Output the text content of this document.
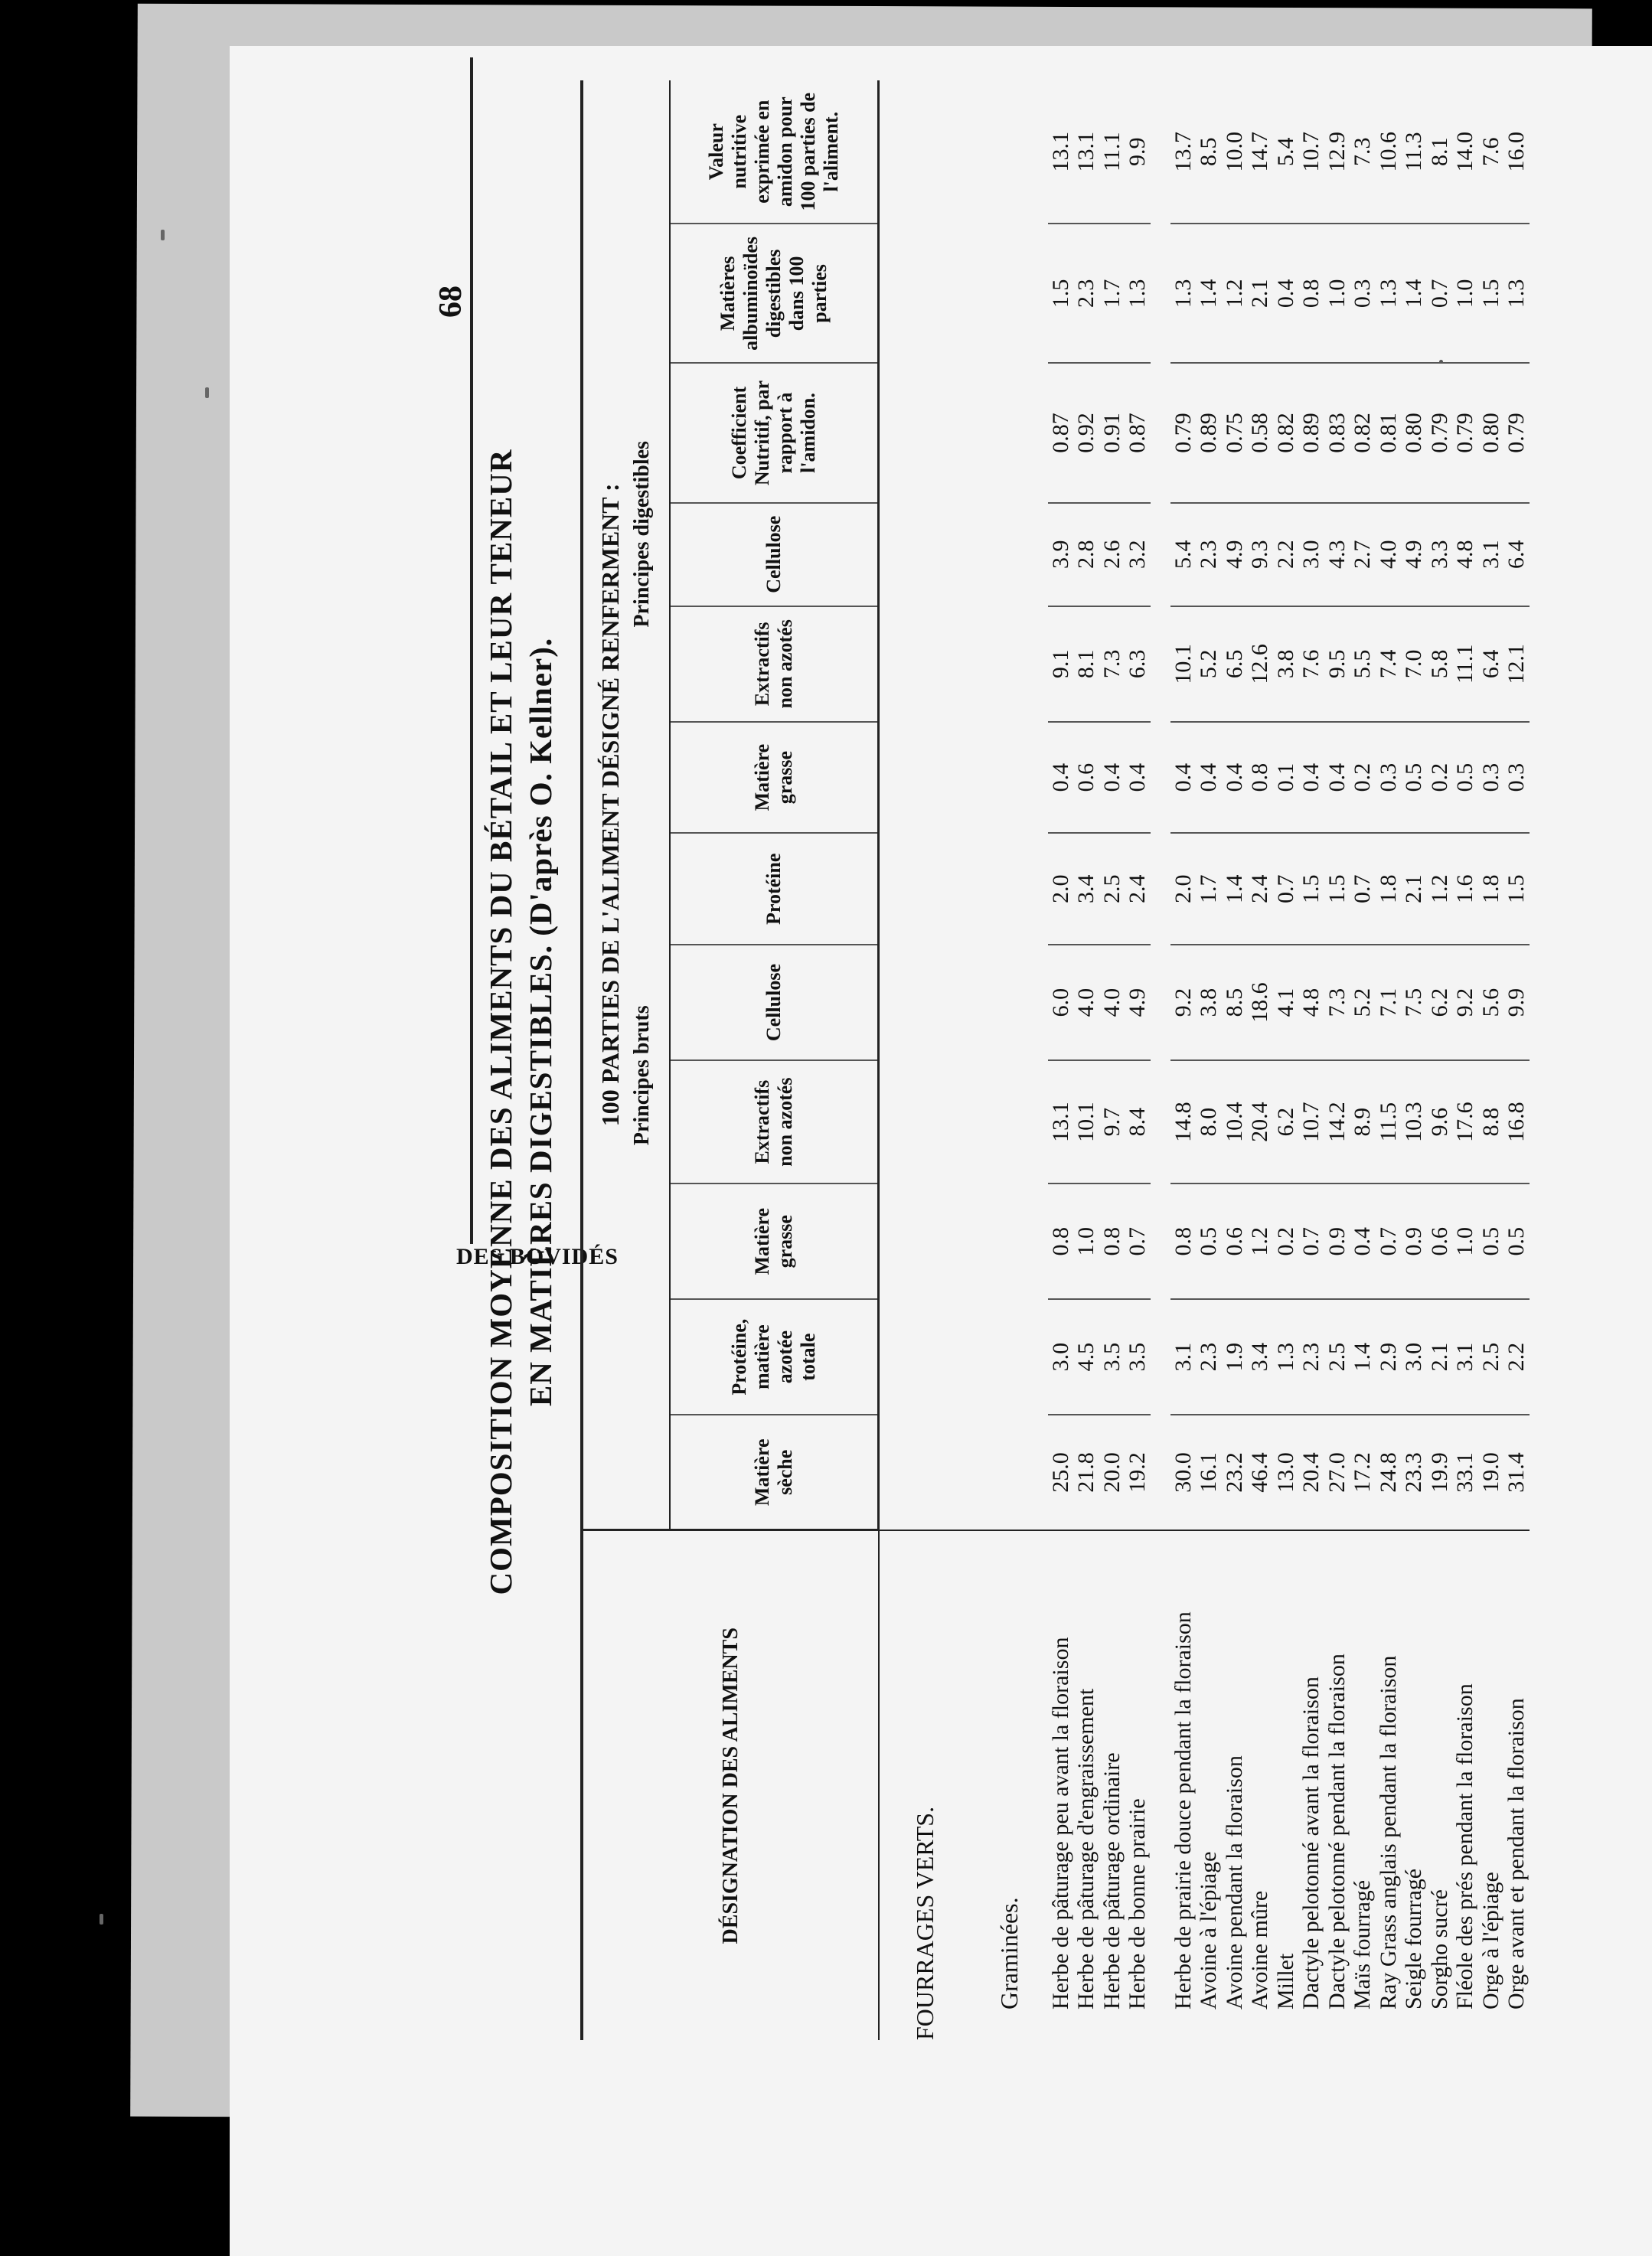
68
DES BOVIDÉS
COMPOSITION MOYENNE DES ALIMENTS DU BÉTAIL ET LEUR TENEUR EN MATIÈRES DIGESTIBLES. (D'après O. Kellner).
DÉSIGNATION DES ALIMENTS	100 PARTIES DE L'ALIMENT DÉSIGNÉ RENFERMENT : Principes bruts Principes digestibles											

	Matière sèche	Protéine, matière azotée totale	Matière grasse	Extractifs non azotés	Cellulose	Protéine	Matière grasse	Extractifs non azotés	Cellulose	Coefficient Nutritif, par rapport à l'amidon.	Matières albuminoïdes digestibles dans 100 parties	Valeur nutritive exprimée en amidon pour 100 parties de l'aliment.
FOURRAGES VERTS.												
Graminées.												
Herbe de pâturage peu avant la floraison	25.0	3.0	0.8	13.1	6.0	2.0	0.4	9.1	3.9	0.87	1.5	13.1
Herbe de pâturage d'engraissement	21.8	4.5	1.0	10.1	4.0	3.4	0.6	8.1	2.8	0.92	2.3	13.1
Herbe de pâturage ordinaire	20.0	3.5	0.8	9.7	4.0	2.5	0.4	7.3	2.6	0.91	1.7	11.1
Herbe de bonne prairie	19.2	3.5	0.7	8.4	4.9	2.4	0.4	6.3	3.2	0.87	1.3	9.9

Herbe de prairie douce pendant la floraison	30.0	3.1	0.8	14.8	9.2	2.0	0.4	10.1	5.4	0.79	1.3	13.7
Avoine à l'épiage	16.1	2.3	0.5	8.0	3.8	1.7	0.4	5.2	2.3	0.89	1.4	8.5
Avoine pendant la floraison	23.2	1.9	0.6	10.4	8.5	1.4	0.4	6.5	4.9	0.75	1.2	10.0
Avoine mûre	46.4	3.4	1.2	20.4	18.6	2.4	0.8	12.6	9.3	0.58	2.1	14.7
Millet	13.0	1.3	0.2	6.2	4.1	0.7	0.1	3.8	2.2	0.82	0.4	5.4
Dactyle pelotonné avant la floraison	20.4	2.3	0.7	10.7	4.8	1.5	0.4	7.6	3.0	0.89	0.8	10.7
Dactyle pelotonné pendant la floraison	27.0	2.5	0.9	14.2	7.3	1.5	0.4	9.5	4.3	0.83	1.0	12.9
Maïs fourragé	17.2	1.4	0.4	8.9	5.2	0.7	0.2	5.5	2.7	0.82	0.3	7.3
Ray Grass anglais pendant la floraison	24.8	2.9	0.7	11.5	7.1	1.8	0.3	7.4	4.0	0.81	1.3	10.6
Seigle fourragé	23.3	3.0	0.9	10.3	7.5	2.1	0.5	7.0	4.9	0.80	1.4	11.3
Sorgho sucré	19.9	2.1	0.6	9.6	6.2	1.2	0.2	5.8	3.3	0.79	0.7	8.1
Fléole des prés pendant la floraison	33.1	3.1	1.0	17.6	9.2	1.6	0.5	11.1	4.8	0.79	1.0	14.0
Orge à l'épiage	19.0	2.5	0.5	8.8	5.6	1.8	0.3	6.4	3.1	0.80	1.5	7.6
Orge avant et pendant la floraison	31.4	2.2	0.5	16.8	9.9	1.5	0.3	12.1	6.4	0.79	1.3	16.0
